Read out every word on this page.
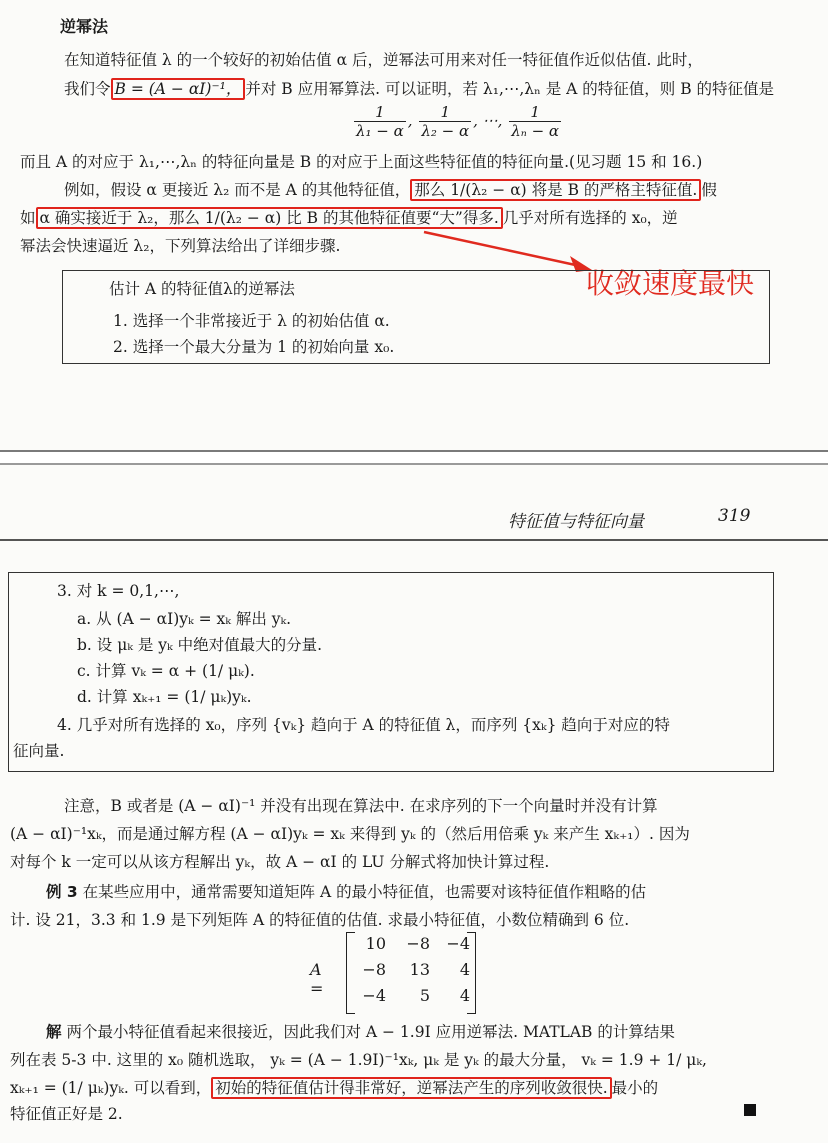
逆幂法
在知道特征值 λ 的一个较好的初始估值 α 后，逆幂法可用来对任一特征值作近似估值. 此时，
我们令 B = (A − αI)⁻¹， 并对 B 应用幂算法. 可以证明，若 λ₁,⋯,λₙ 是 A 的特征值，则 B 的特征值是
$\frac{1}{\text{λ₁ − α}}$ , $\frac{1}{\text{λ₂ − α}}$ , ⋯, $\frac{1}{\text{λₙ − α}}$
而且 A 的对应于 λ₁,⋯,λₙ 的特征向量是 B 的对应于上面这些特征值的特征向量.(见习题 15 和 16.)
例如，假设 α 更接近 λ₂ 而不是 A 的其他特征值， 那么 1/(λ₂ − α) 将是 B 的严格主特征值. 假
如 α 确实接近于 λ₂，那么 1/(λ₂ − α) 比 B 的其他特征值要“大”得多. 几乎对所有选择的 x₀，逆
幂法会快速逼近 λ₂，下列算法给出了详细步骤.
收敛速度最快
估计 A 的特征值λ的逆幂法
1. 选择一个非常接近于 λ 的初始估值 α.
2. 选择一个最大分量为 1 的初始向量 x₀.
特征值与特征向量	319
3. 对 k = 0,1,⋯,
a. 从 (A − αI)yₖ = xₖ 解出 yₖ.
b. 设 μₖ 是 yₖ 中绝对值最大的分量.
c. 计算 vₖ = α + (1/ μₖ).
d. 计算 xₖ₊₁ = (1/ μₖ)yₖ.
4. 几乎对所有选择的 x₀，序列 {vₖ} 趋向于 A 的特征值 λ，而序列 {xₖ} 趋向于对应的特
征向量.
注意，B 或者是 (A − αI)⁻¹ 并没有出现在算法中. 在求序列的下一个向量时并没有计算
(A − αI)⁻¹xₖ，而是通过解方程 (A − αI)yₖ = xₖ 来得到 yₖ 的（然后用倍乘 yₖ 来产生 xₖ₊₁）. 因为
对每个 k 一定可以从该方程解出 yₖ，故 A − αI 的 LU 分解式将加快计算过程.
例 3 在某些应用中，通常需要知道矩阵 A 的最小特征值，也需要对该特征值作粗略的估
计. 设 21，3.3 和 1.9 是下列矩阵 A 的特征值的估值. 求最小特征值，小数位精确到 6 位.
A =
10	−8	−4
−8	13	4
−4	5	4
解 两个最小特征值看起来很接近，因此我们对 A − 1.9I 应用逆幂法. MATLAB 的计算结果
列在表 5-3 中. 这里的 x₀ 随机选取， yₖ = (A − 1.9I)⁻¹xₖ, μₖ 是 yₖ 的最大分量， vₖ = 1.9 + 1/ μₖ,
xₖ₊₁ = (1/ μₖ)yₖ. 可以看到， 初始的特征值估计得非常好，逆幂法产生的序列收敛很快. 最小的
特征值正好是 2.
